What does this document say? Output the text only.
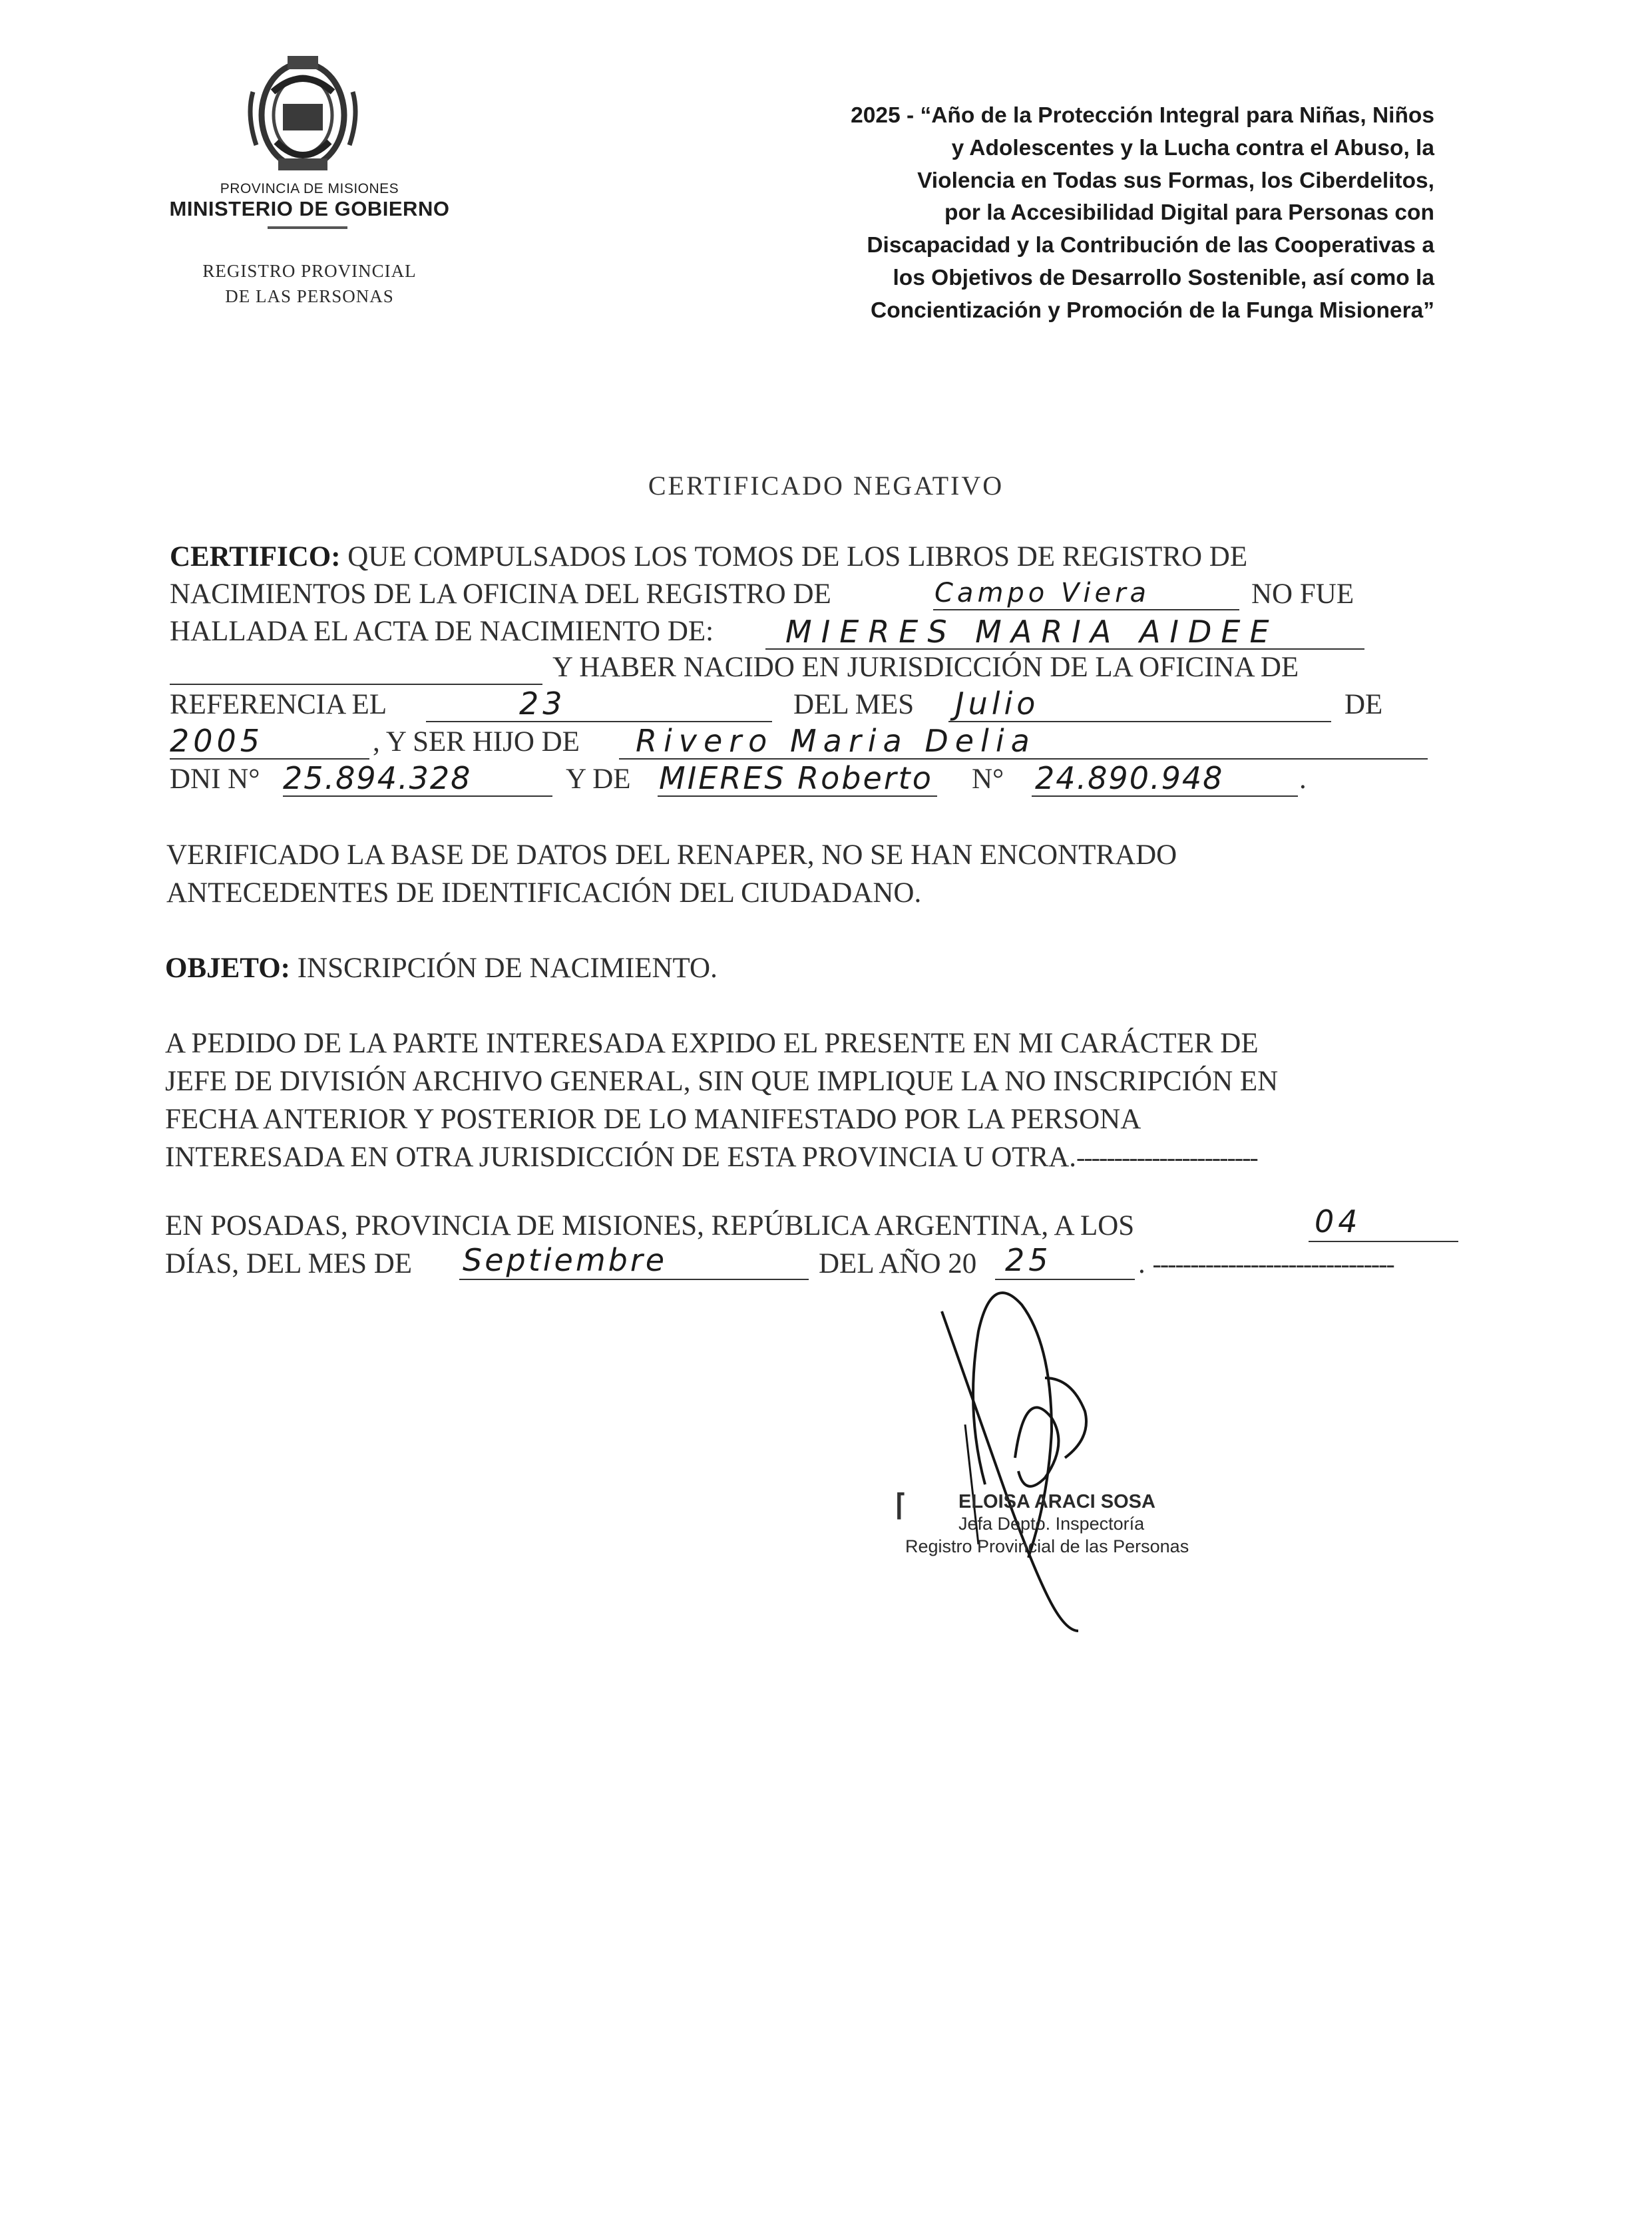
PROVINCIA DE MISIONES
MINISTERIO DE GOBIERNO
REGISTRO PROVINCIAL
DE LAS PERSONAS
2025 - “Año de la Protección Integral para Niñas, Niños
y Adolescentes y la Lucha contra el Abuso, la
Violencia en Todas sus Formas, los Ciberdelitos,
por la Accesibilidad Digital para Personas con
Discapacidad y la Contribución de las Cooperativas a
los Objetivos de Desarrollo Sostenible, así como la
Concientización y Promoción de la Funga Misionera”
CERTIFICADO NEGATIVO
CERTIFICO: QUE COMPULSADOS LOS TOMOS DE LOS LIBROS DE REGISTRO DE
NACIMIENTOS DE LA OFICINA DEL REGISTRO DE	Campo Viera	NO FUE
HALLADA EL ACTA DE NACIMIENTO DE: MIERES MARIA AIDEE
Y HABER NACIDO EN JURISDICCIÓN DE LA OFICINA DE
REFERENCIA EL	23	DEL MES Julio	DE
2005	, Y SER HIJO DE Rivero Maria Delia
DNI N° 25.894.328	Y DE MIERES Roberto N° 24.890.948	.
VERIFICADO LA BASE DE DATOS DEL RENAPER, NO SE HAN ENCONTRADO
ANTECEDENTES DE IDENTIFICACIÓN DEL CIUDADANO.
OBJETO: INSCRIPCIÓN DE NACIMIENTO.
A PEDIDO DE LA PARTE INTERESADA EXPIDO EL PRESENTE EN MI CARÁCTER DE
JEFE DE DIVISIÓN ARCHIVO GENERAL, SIN QUE IMPLIQUE LA NO INSCRIPCIÓN EN
FECHA ANTERIOR Y POSTERIOR DE LO MANIFESTADO POR LA PERSONA
INTERESADA EN OTRA JURISDICCIÓN DE ESTA PROVINCIA U OTRA.------------------------
EN POSADAS, PROVINCIA DE MISIONES, REPÚBLICA ARGENTINA, A LOS	04
DÍAS, DEL MES DE Septiembre	DEL AÑO 20 25	. --------------------------------
⌈	ELOISA ARACI SOSA
Jefa Depto. Inspectoría
Registro Provincial de las Personas
